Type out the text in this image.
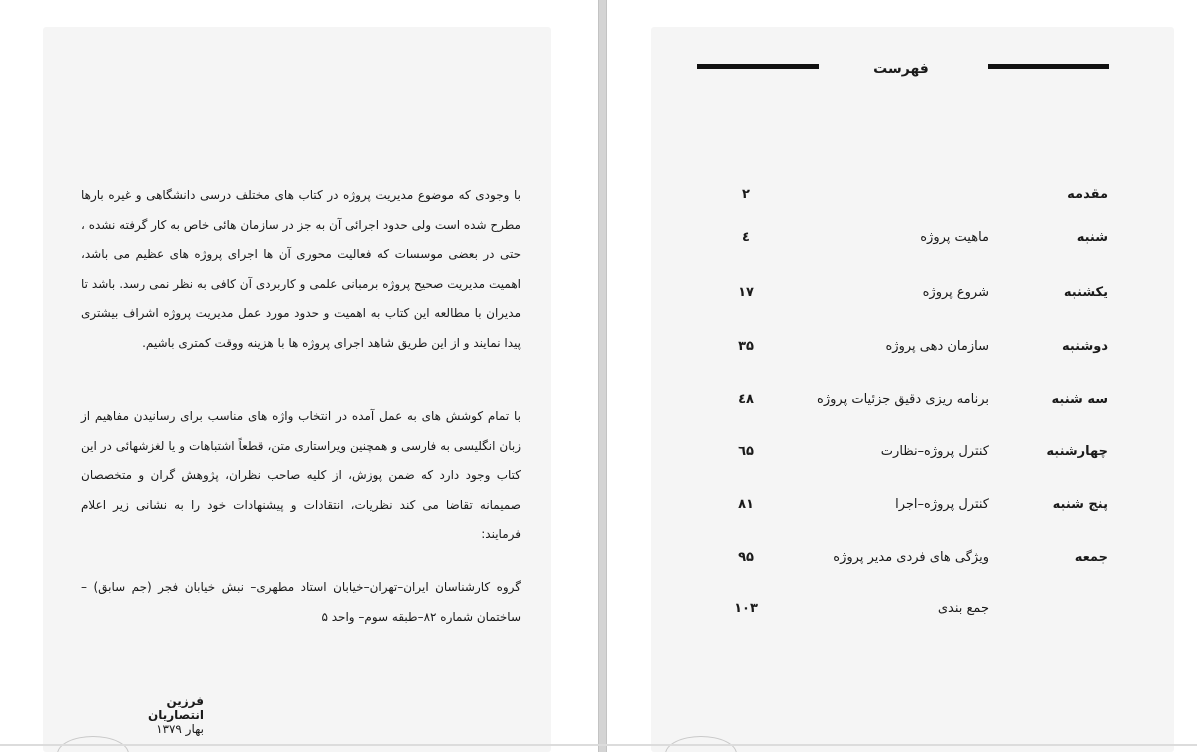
با وجودی که موضوع مدیریت پروژه در کتاب های مختلف درسی دانشگاهی و غیره بارها مطرح شده است ولی حدود اجرائی آن به جز در سازمان هائی خاص به کار گرفته نشده ، حتی در بعضی موسسات که فعالیت محوری آن ها اجرای پروژه های عظیم می باشد، اهمیت مدیریت صحیح پروژه برمبانی علمی و کاربردی آن کافی به نظر نمی رسد. باشد تا مدیران با مطالعه این کتاب به اهمیت و حدود مورد عمل مدیریت پروژه اشراف بیشتری پیدا نمایند و از این طریق شاهد اجرای پروژه ها با هزینه ووقت کمتری باشیم.
با تمام کوشش های به عمل آمده در انتخاب واژه های مناسب برای رسانیدن مفاهیم از زبان انگلیسی به فارسی و همچنین ویراستاری متن، قطعاً اشتباهات و یا لغزشهائی در این کتاب وجود دارد که ضمن پوزش، از کلیه صاحب نظران، پژوهش گران و متخصصان صمیمانه تقاضا می کند نظریات، انتقادات و پیشنهادات خود را به نشانی زیر اعلام فرمایند:
گروه کارشناسان ایران–تهران–خیابان استاد مطهری– نبش خیابان فجر (جم سابق) –ساختمان شماره ۸۲–طبقه سوم– واحد ۵
فرزین انتصاریان
بهار ۱۳۷۹
فهرست
مقدمه
۲
شنبه
ماهیت پروژه
٤
یکشنبه
شروع پروژه
۱۷
دوشنبه
سازمان دهی پروژه
۳۵
سه شنبه
برنامه ریزی دقیق جزئیات پروژه
٤۸
چهارشنبه
کنترل پروژه–نظارت
٦۵
پنج شنبه
کنترل پروژه–اجرا
۸۱
جمعه
ویژگی های فردی مدیر پروژه
۹۵
جمع بندی
۱۰۳
